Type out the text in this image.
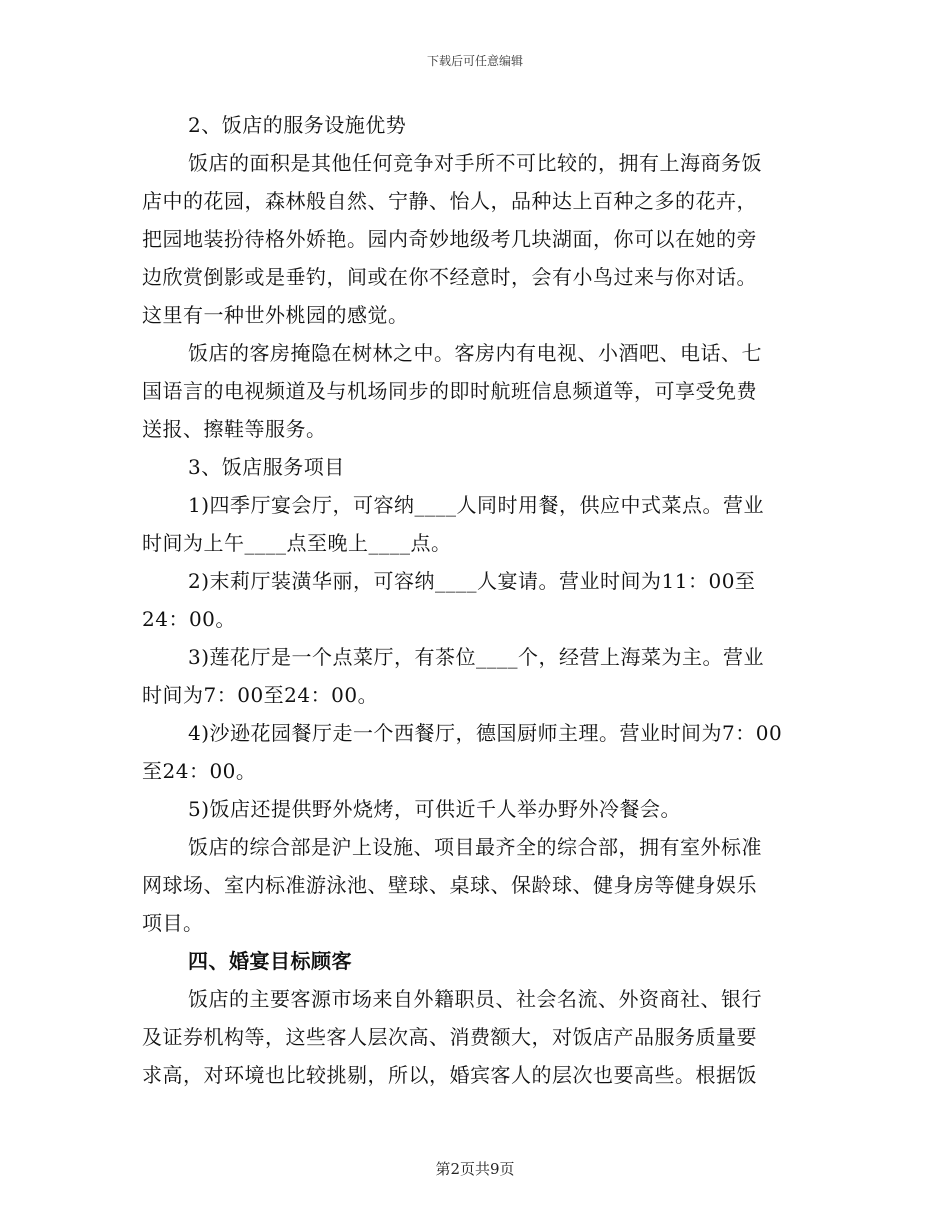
下载后可任意编辑
2、饭店的服务设施优势
饭店的面积是其他任何竞争对手所不可比较的，拥有上海商务饭
店中的花园，森林般自然、宁静、怡人，品种达上百种之多的花卉，
把园地装扮待格外娇艳。园内奇妙地级考几块湖面，你可以在她的旁
边欣赏倒影或是垂钓，间或在你不经意时，会有小鸟过来与你对话。
这里有一种世外桃园的感觉。
饭店的客房掩隐在树林之中。客房内有电视、小酒吧、电话、七
国语言的电视频道及与机场同步的即时航班信息频道等，可享受免费
送报、擦鞋等服务。
3、饭店服务项目
1)四季厅宴会厅，可容纳____人同时用餐，供应中式菜点。营业
时间为上午____点至晚上____点。
2)末莉厅装潢华丽，可容纳____人宴请。营业时间为11：00至
24：00。
3)莲花厅是一个点菜厅，有茶位____个，经营上海菜为主。营业
时间为7：00至24：00。
4)沙逊花园餐厅走一个西餐厅，德国厨师主理。营业时间为7：00
至24：00。
5)饭店还提供野外烧烤，可供近千人举办野外冷餐会。
饭店的综合部是沪上设施、项目最齐全的综合部，拥有室外标准
网球场、室内标准游泳池、壁球、桌球、保龄球、健身房等健身娱乐
项目。
四、婚宴目标顾客
饭店的主要客源市场来自外籍职员、社会名流、外资商社、银行
及证券机构等，这些客人层次高、消费额大，对饭店产品服务质量要
求高，对环境也比较挑剔，所以，婚宾客人的层次也要高些。根据饭
第2页共9页
